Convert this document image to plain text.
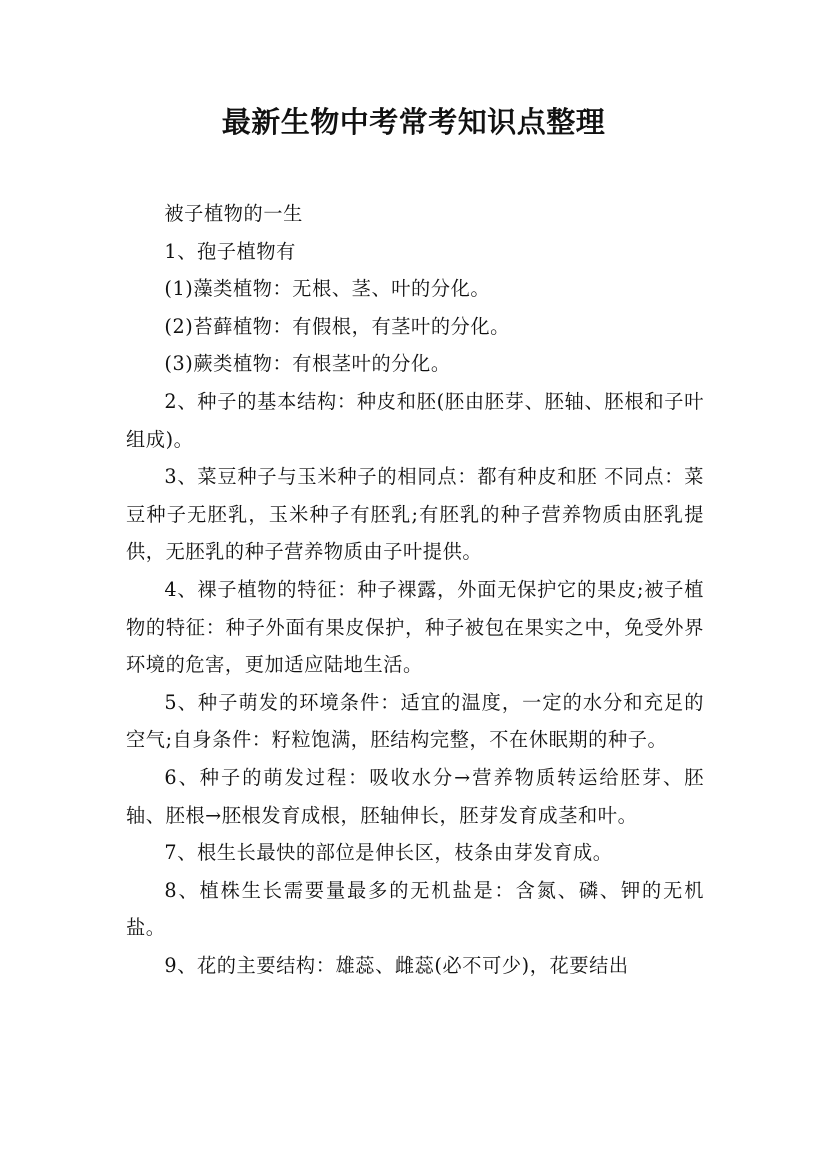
最新生物中考常考知识点整理

被子植物的一生

1、孢子植物有

(1)藻类植物：无根、茎、叶的分化。

(2)苔藓植物：有假根，有茎叶的分化。

(3)蕨类植物：有根茎叶的分化。

2、种子的基本结构：种皮和胚(胚由胚芽、胚轴、胚根和子叶组成)。

3、菜豆种子与玉米种子的相同点：都有种皮和胚 不同点：菜豆种子无胚乳，玉米种子有胚乳;有胚乳的种子营养物质由胚乳提供，无胚乳的种子营养物质由子叶提供。

4、裸子植物的特征：种子裸露，外面无保护它的果皮;被子植物的特征：种子外面有果皮保护，种子被包在果实之中，免受外界环境的危害，更加适应陆地生活。

5、种子萌发的环境条件：适宜的温度，一定的水分和充足的空气;自身条件：籽粒饱满，胚结构完整，不在休眠期的种子。

6、种子的萌发过程：吸收水分→营养物质转运给胚芽、胚轴、胚根→胚根发育成根，胚轴伸长，胚芽发育成茎和叶。

7、根生长最快的部位是伸长区，枝条由芽发育成。

8、植株生长需要量最多的无机盐是：含氮、磷、钾的无机盐。

9、花的主要结构：雄蕊、雌蕊(必不可少)，花要结出
